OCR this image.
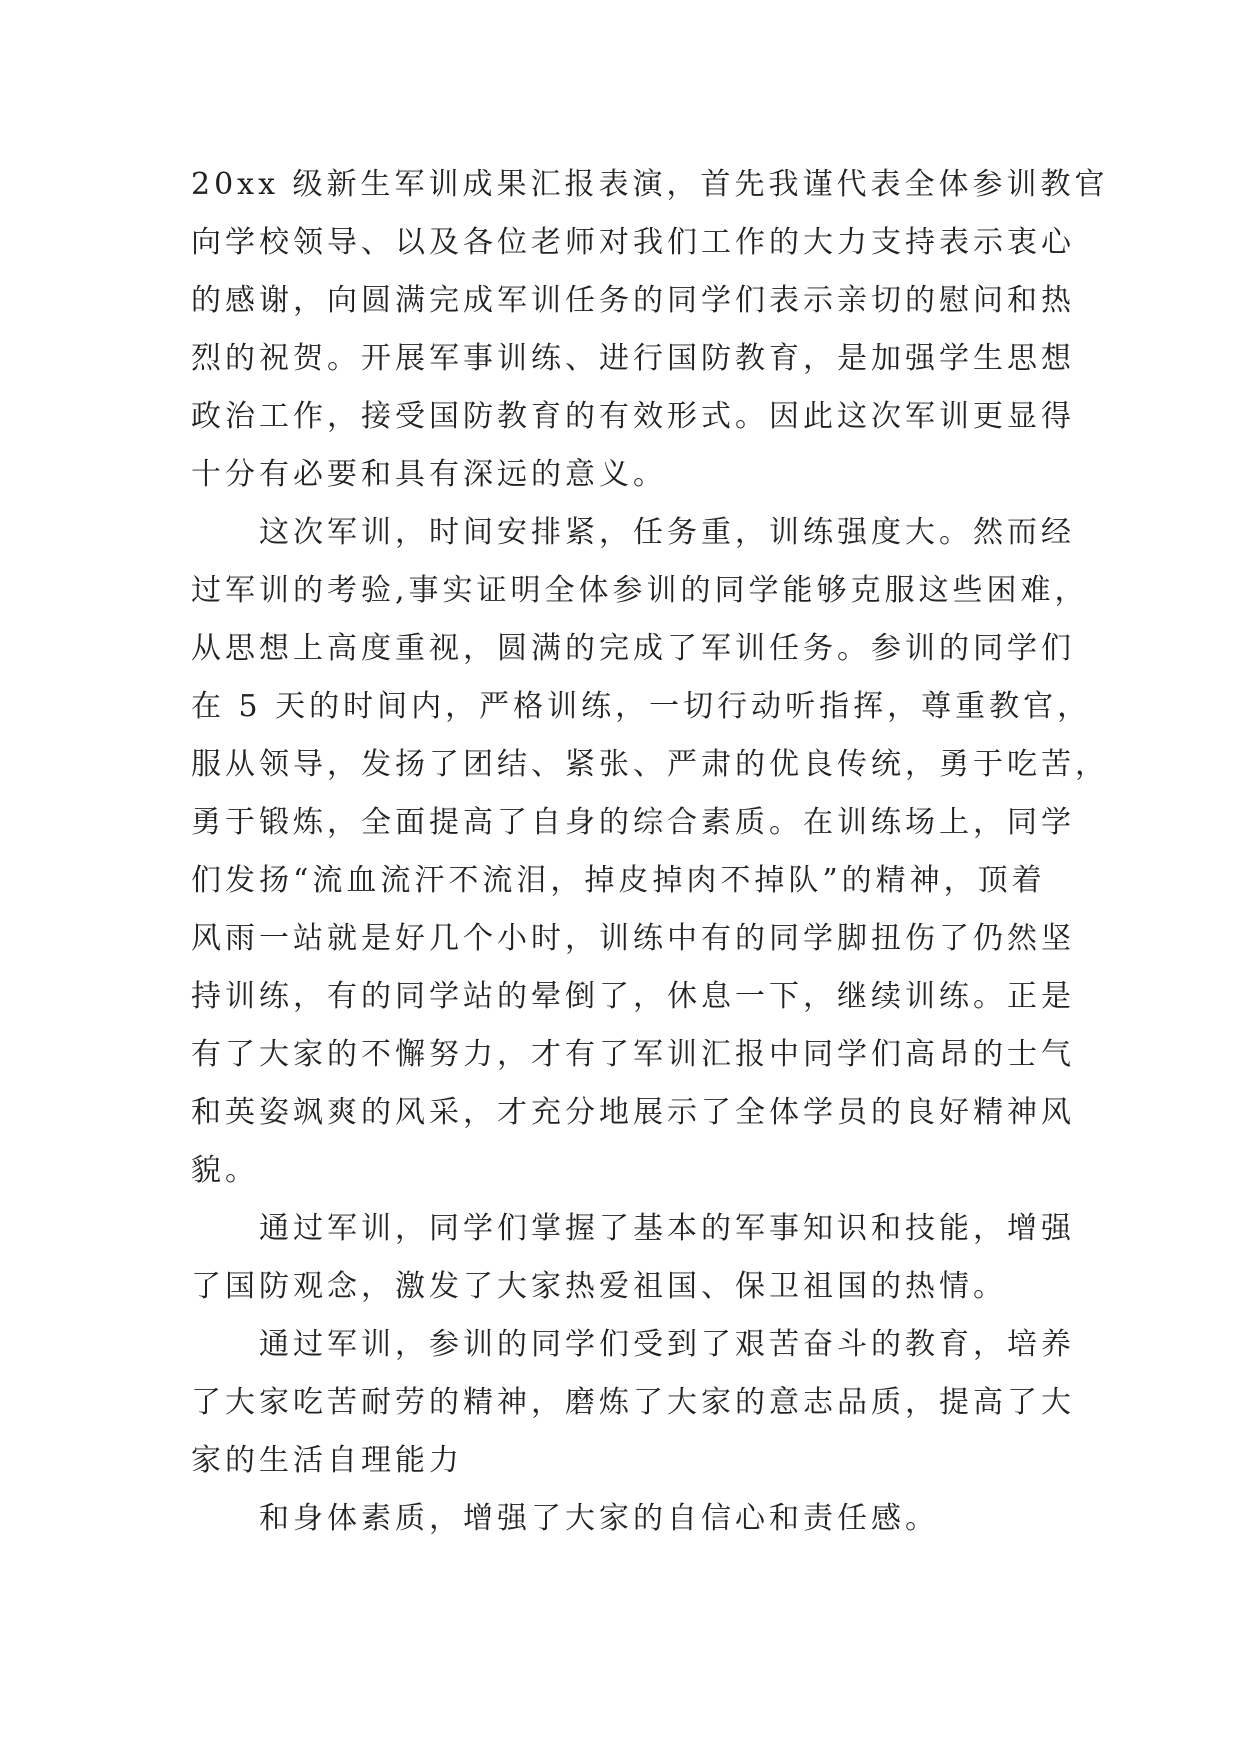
20xx 级新生军训成果汇报表演，首先我谨代表全体参训教官
向学校领导、以及各位老师对我们工作的大力支持表示衷心
的感谢，向圆满完成军训任务的同学们表示亲切的慰问和热
烈的祝贺。开展军事训练、进行国防教育，是加强学生思想
政治工作，接受国防教育的有效形式。因此这次军训更显得
十分有必要和具有深远的意义。
　　这次军训，时间安排紧，任务重，训练强度大。然而经
过军训的考验,事实证明全体参训的同学能够克服这些困难，
从思想上高度重视，圆满的完成了军训任务。参训的同学们
在 5 天的时间内，严格训练，一切行动听指挥，尊重教官，
服从领导，发扬了团结、紧张、严肃的优良传统，勇于吃苦，
勇于锻炼，全面提高了自身的综合素质。在训练场上，同学
们发扬“流血流汗不流泪，掉皮掉肉不掉队”的精神，顶着
风雨一站就是好几个小时，训练中有的同学脚扭伤了仍然坚
持训练，有的同学站的晕倒了，休息一下，继续训练。正是
有了大家的不懈努力，才有了军训汇报中同学们高昂的士气
和英姿飒爽的风采，才充分地展示了全体学员的良好精神风
貌。
　　通过军训，同学们掌握了基本的军事知识和技能，增强
了国防观念，激发了大家热爱祖国、保卫祖国的热情。
　　通过军训，参训的同学们受到了艰苦奋斗的教育，培养
了大家吃苦耐劳的精神，磨炼了大家的意志品质，提高了大
家的生活自理能力
　　和身体素质，增强了大家的自信心和责任感。
